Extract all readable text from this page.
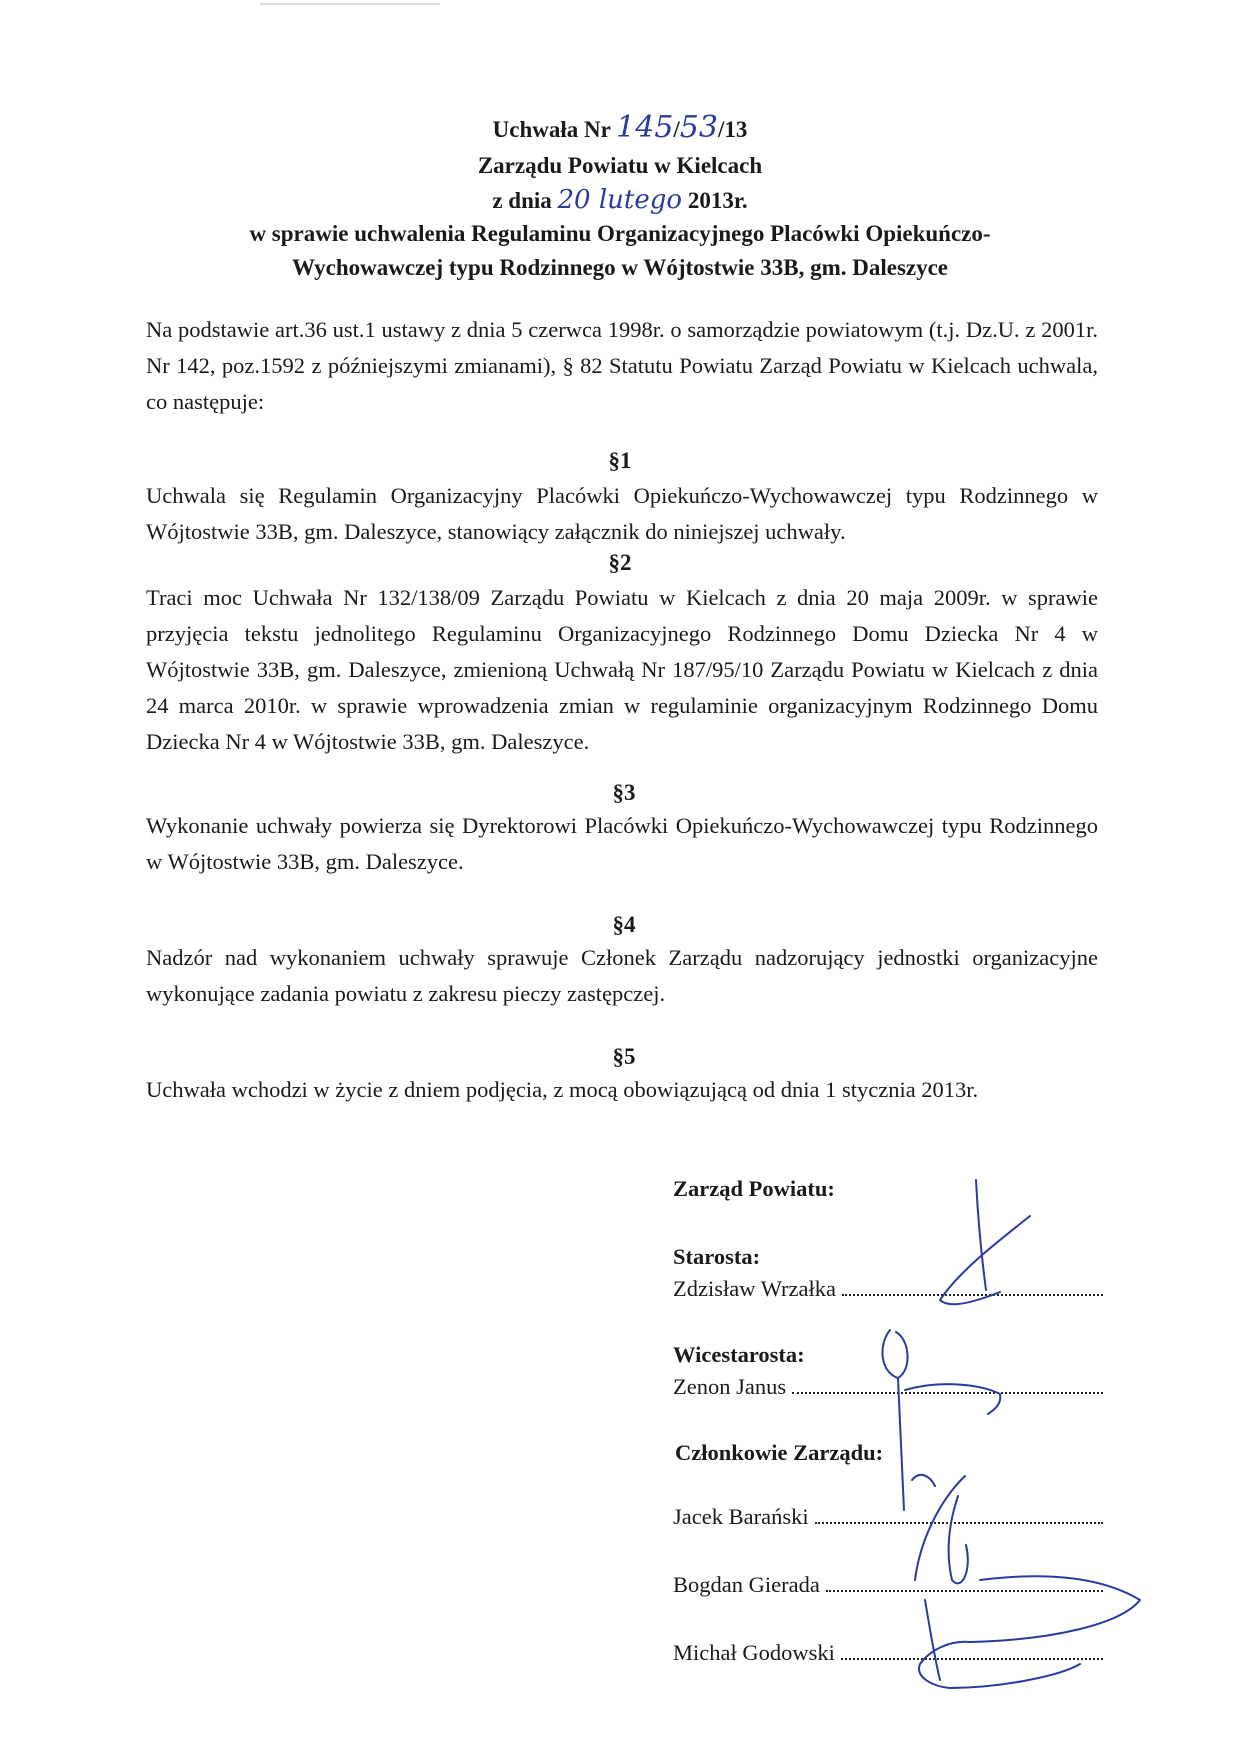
Uchwała Nr 145/53/13
Zarządu Powiatu w Kielcach
z dnia 20 lutego 2013r.
w sprawie uchwalenia Regulaminu Organizacyjnego Placówki Opiekuńczo-
Wychowawczej typu Rodzinnego w Wójtostwie 33B, gm. Daleszyce
Na podstawie art.36 ust.1 ustawy z dnia 5 czerwca 1998r. o samorządzie powiatowym (t.j. Dz.U. z 2001r. Nr 142, poz.1592 z późniejszymi zmianami), § 82 Statutu Powiatu Zarząd Powiatu w Kielcach uchwala, co następuje:
§1
Uchwala się Regulamin Organizacyjny Placówki Opiekuńczo-Wychowawczej typu Rodzinnego w Wójtostwie 33B, gm. Daleszyce, stanowiący załącznik do niniejszej uchwały.
§2
Traci moc Uchwała Nr 132/138/09 Zarządu Powiatu w Kielcach z dnia 20 maja 2009r. w sprawie przyjęcia tekstu jednolitego Regulaminu Organizacyjnego Rodzinnego Domu Dziecka Nr 4 w Wójtostwie 33B, gm. Daleszyce, zmienioną Uchwałą Nr 187/95/10 Zarządu Powiatu w Kielcach z dnia 24 marca 2010r. w sprawie wprowadzenia zmian w regulaminie organizacyjnym Rodzinnego Domu Dziecka Nr 4 w Wójtostwie 33B, gm. Daleszyce.
§3
Wykonanie uchwały powierza się Dyrektorowi Placówki Opiekuńczo-Wychowawczej typu Rodzinnego w Wójtostwie 33B, gm. Daleszyce.
§4
Nadzór nad wykonaniem uchwały sprawuje Członek Zarządu nadzorujący jednostki organizacyjne wykonujące zadania powiatu z zakresu pieczy zastępczej.
§5
Uchwała wchodzi w życie z dniem podjęcia, z mocą obowiązującą od dnia 1 stycznia 2013r.
Zarząd Powiatu:
Starosta:
Zdzisław Wrzałka
Wicestarosta:
Zenon Janus
Członkowie Zarządu:
Jacek Barański
Bogdan Gierada
Michał Godowski
